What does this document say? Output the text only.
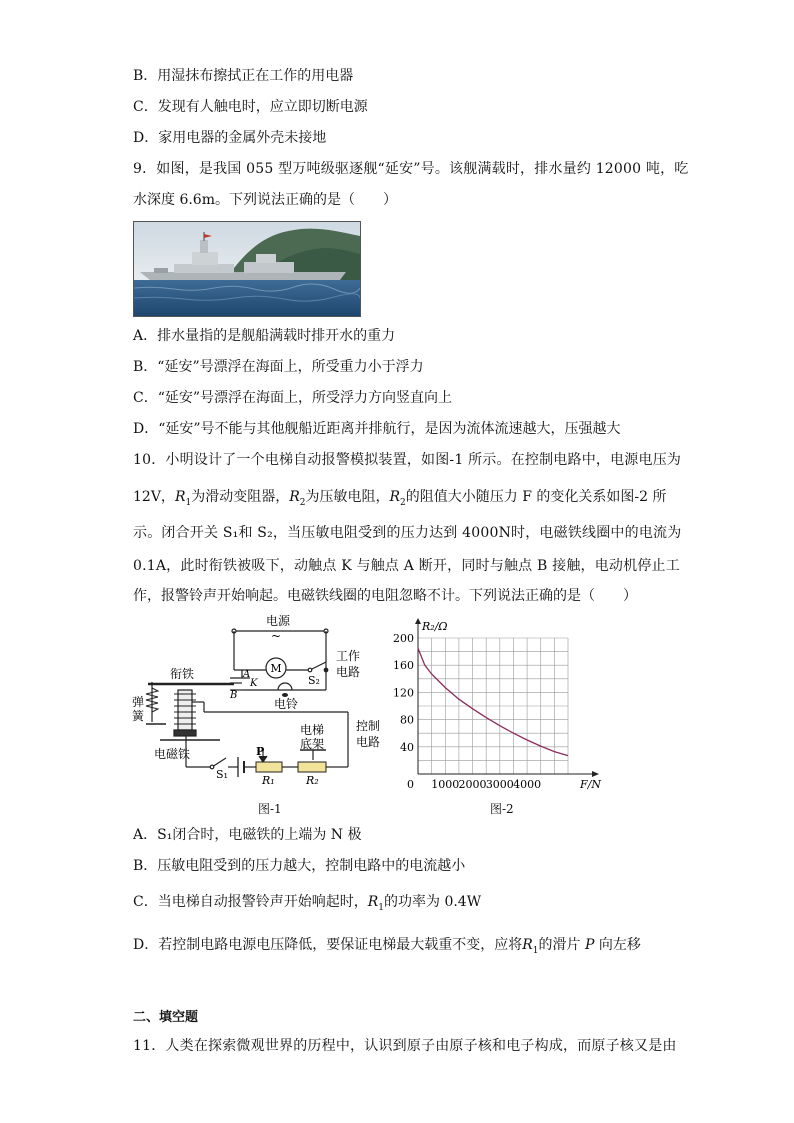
B．用湿抹布擦拭正在工作的用电器
C．发现有人触电时，应立即切断电源
D．家用电器的金属外壳未接地
9．如图，是我国 055 型万吨级驱逐舰“延安”号。该舰满载时，排水量约 12000 吨，吃
水深度 6.6m。下列说法正确的是（　　）
A．排水量指的是舰船满载时排开水的重力
B．“延安”号漂浮在海面上，所受重力小于浮力
C．“延安”号漂浮在海面上，所受浮力方向竖直向上
D．“延安”号不能与其他舰船近距离并排航行，是因为流体流速越大，压强越大
10．小明设计了一个电梯自动报警模拟装置，如图-1 所示。在控制电路中，电源电压为
12V，$R_1$为滑动变阻器，$R_2$为压敏电阻，$R_2$的阻值大小随压力 F 的变化关系如图-2 所
示。闭合开关 S₁和 S₂，当压敏电阻受到的压力达到 4000N时，电磁铁线圈中的电流为
0.1A，此时衔铁被吸下，动触点 K 与触点 A 断开，同时与触点 B 接触，电动机停止工
作，报警铃声开始响起。电磁铁线圈的电阻忽略不计。下列说法正确的是（　　）
电源
~
工作
电路
M
A
K
B
S₂
电铃
衔铁
弹
簧
电梯
底架
控制
电路
电磁铁
S₁
P
R₁	R₂
图-1
200
160
120
80
40
0 1000 2000 3000 4000
R₂/Ω
F/N
图-2
A．S₁闭合时，电磁铁的上端为 N 极
B．压敏电阻受到的压力越大，控制电路中的电流越小
C．当电梯自动报警铃声开始响起时，$R_1$的功率为 0.4W
D．若控制电路电源电压降低，要保证电梯最大载重不变，应将$R_1$的滑片 P 向左移
二、填空题
11．人类在探索微观世界的历程中，认识到原子由原子核和电子构成，而原子核又是由
